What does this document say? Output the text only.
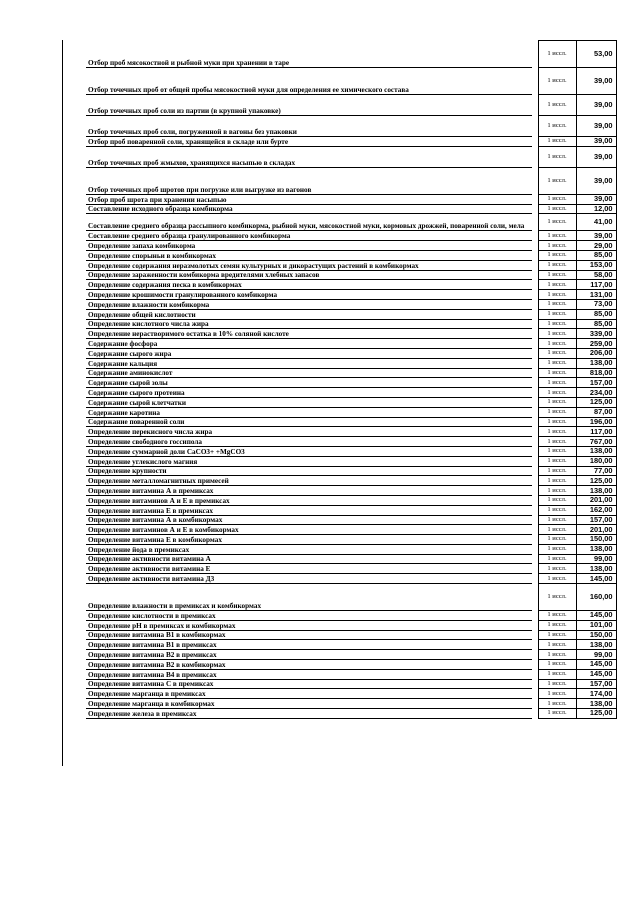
Отбор проб мясокостной и рыбной муки при хранении в таре		1 иссл.	53,00
Отбор точечных проб от общей пробы мясокостной муки для определения ее химического состава		1 иссл.	39,00
Отбор точечных проб соли из партии (в крупной упаковке)		1 иссл.	39,00
Отбор точечных проб соли, погруженной в вагоны без упаковки		1 иссл.	39,00
Отбор проб поваренной соли, хранящейся в складе или бурте		1 иссл.	39,00
Отбор точечных проб жмыхов, хранящихся насыпью в складах		1 иссл.	39,00
Отбор точечных проб шротов при погрузке или выгрузке из вагонов		1 иссл.	39,00
Отбор проб шрота при хранении насыпью		1 иссл.	39,00
Составление исходного образца комбикорма		1 иссл.	12,00
Составление среднего образца рассыпного комбикорма, рыбной муки, мясокостной муки, кормовых дрожжей, поваренной соли, мела		1 иссл.	41,00
Составление среднего образца гранулированного комбикорма		1 иссл.	39,00
Определение запаха комбикорма		1 иссл.	29,00
Определение спорыньи в комбикормах		1 иссл.	85,00
Определение содержания неразмолотых семян культурных и дикорастущих растений в комбикормах		1 иссл.	153,00
Определение зараженности комбикорма вредителями хлебных запасов		1 иссл.	58,00
Определение содержания песка в комбикормах		1 иссл.	117,00
Определение крошимости гранулированного комбикорма		1 иссл.	131,00
Определение влажности комбикорма		1 иссл.	73,00
Определение общей кислотности		1 иссл.	85,00
Определение кислотного числа жира		1 иссл.	85,00
Определение нерастворимого остатка в 10% соляной кислоте		1 иссл.	339,00
Содержание фосфора		1 иссл.	259,00
Содержание сырого жира		1 иссл.	206,00
Содержание кальция		1 иссл.	138,00
Содержание аминокислот		1 иссл.	818,00
Содержание сырой золы		1 иссл.	157,00
Содержание сырого протеина		1 иссл.	234,00
Содержание сырой клетчатки		1 иссл.	125,00
Содержание каротина		1 иссл.	87,00
Содержание поваренной соли		1 иссл.	196,00
Определение перекисного числа жира		1 иссл.	117,00
Определение свободного госсипола		1 иссл.	767,00
Определение суммарной доли CaCO3+ +MgCO3		1 иссл.	138,00
Определение углекислого магния		1 иссл.	180,00
Определение крупности		1 иссл.	77,00
Определение металломагнитных примесей		1 иссл.	125,00
Определение витамина А в премиксах		1 иссл.	138,00
Определение витаминов А и Е в премиксах		1 иссл.	201,00
Определение витамина Е в премиксах		1 иссл.	162,00
Определение витамина А в комбикормах		1 иссл.	157,00
Определение витаминов А и Е в комбикормах		1 иссл.	201,00
Определение витамина Е в комбикормах		1 иссл.	150,00
Определение йода в премиксах		1 иссл.	138,00
Определение активности витамина А		1 иссл.	99,00
Определение активности витамина Е		1 иссл.	138,00
Определение активности витамина Д3		1 иссл.	145,00
Определение влажности в премиксах и комбикормах		1 иссл.	160,00
Определение кислотности в премиксах		1 иссл.	145,00
Определение pH в премиксах и комбикормах		1 иссл.	101,00
Определение витамина В1 в комбикормах		1 иссл.	150,00
Определение витамина В1 в премиксах		1 иссл.	138,00
Определение витамина В2 в премиксах		1 иссл.	99,00
Определение витамина В2 в комбикормах		1 иссл.	145,00
Определение витамина В4 в премиксах		1 иссл.	145,00
Определение витамина С в премиксах		1 иссл.	157,00
Определение марганца в премиксах		1 иссл.	174,00
Определение марганца в комбикормах		1 иссл.	138,00
Определение железа в премиксах		1 иссл.	125,00
